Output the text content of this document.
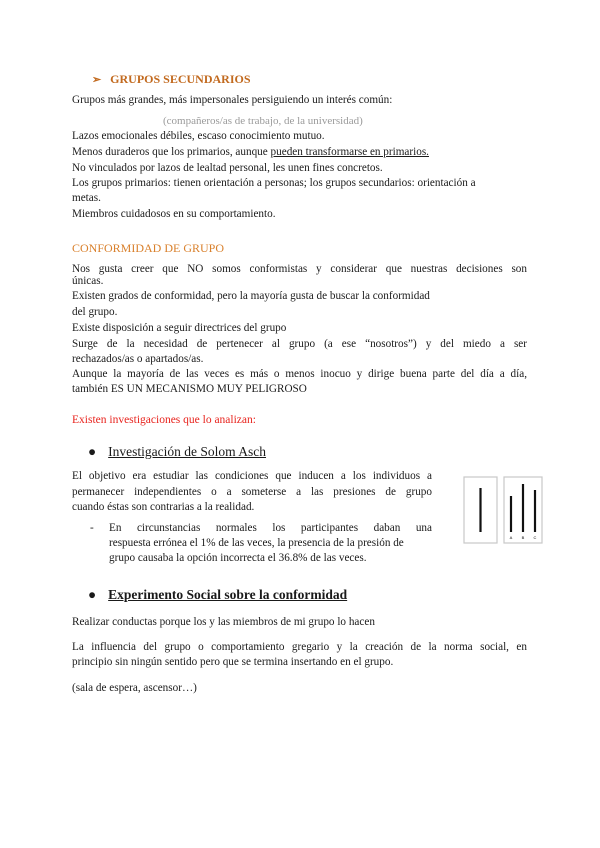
➢ GRUPOS SECUNDARIOS

Grupos más grandes, más impersonales persiguiendo un interés común:

(compañeros/as de trabajo, de la universidad)

Lazos emocionales débiles, escaso conocimiento mutuo.

Menos duraderos que los primarios, aunque pueden transformarse en primarios.

No vinculados por lazos de lealtad personal, les unen fines concretos.

Los grupos primarios: tienen orientación a personas; los grupos secundarios: orientación a

metas.

Miembros cuidadosos en su comportamiento.

CONFORMIDAD DE GRUPO

Nos gusta creer que NO somos conformistas y considerar que nuestras decisiones son

únicas.

Existen grados de conformidad, pero la mayoría gusta de buscar la conformidad

del grupo.

Existe disposición a seguir directrices del grupo

Surge de la necesidad de pertenecer al grupo (a ese “nosotros”) y del miedo a ser

rechazados/as o apartados/as.

Aunque la mayoría de las veces es más o menos inocuo y dirige buena parte del día a día,

también ES UN MECANISMO MUY PELIGROSO

Existen investigaciones que lo analizan:

● Investigación de Solom Asch

El objetivo era estudiar las condiciones que inducen a los individuos a

permanecer independientes o a someterse a las presiones de grupo

cuando éstas son contrarias a la realidad.

- En circunstancias normales los participantes daban una

respuesta errónea el 1% de las veces, la presencia de la presión de

grupo causaba la opción incorrecta el 36.8% de las veces.

A B C
● Experimento Social sobre la conformidad

Realizar conductas porque los y las miembros de mi grupo lo hacen

La influencia del grupo o comportamiento gregario y la creación de la norma social, en

principio sin ningún sentido pero que se termina insertando en el grupo.

(sala de espera, ascensor…)
